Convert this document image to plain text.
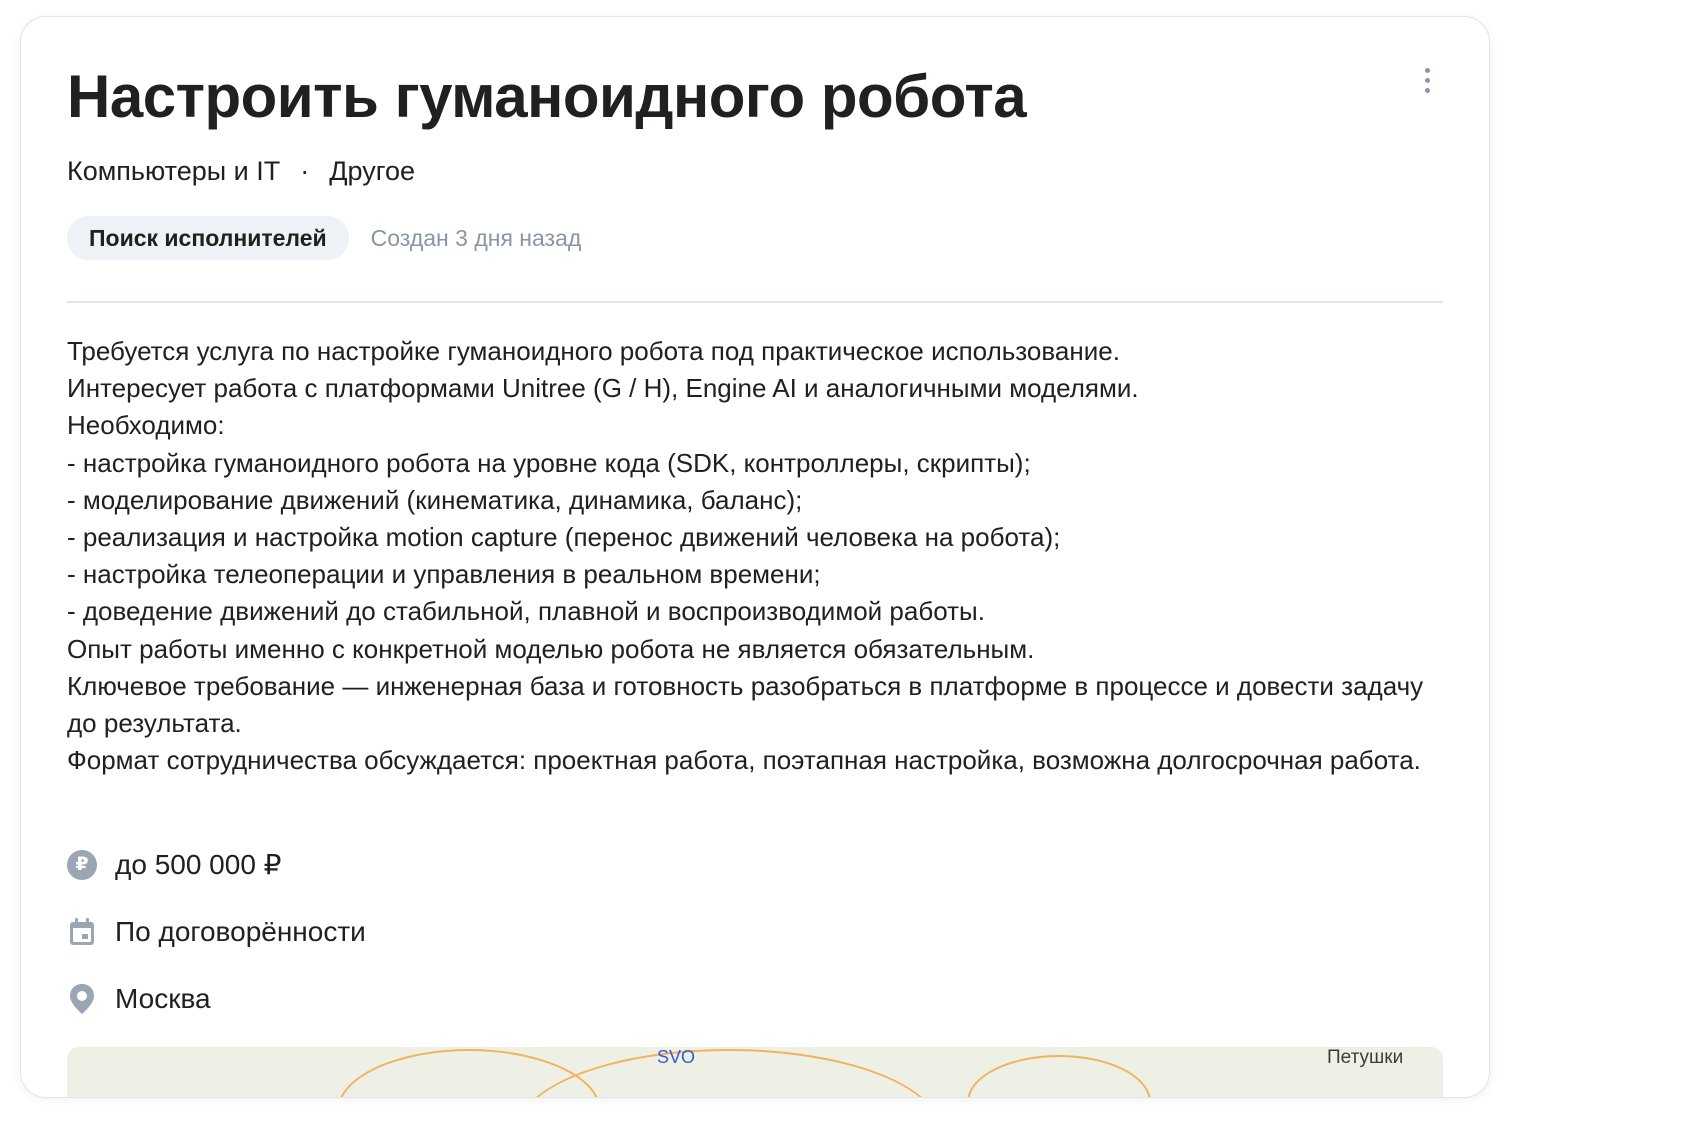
Настроить гуманоидного робота
Компьютеры и IT · Другое
Поиск исполнителей	Создан 3 дня назад
Требуется услуга по настройке гуманоидного робота под практическое использование.
Интересует работа с платформами Unitree (G / H), Engine AI и аналогичными моделями.
Необходимо:
- настройка гуманоидного робота на уровне кода (SDK, контроллеры, скрипты);
- моделирование движений (кинематика, динамика, баланс);
- реализация и настройка motion capture (перенос движений человека на робота);
- настройка телеоперации и управления в реальном времени;
- доведение движений до стабильной, плавной и воспроизводимой работы.
Опыт работы именно с конкретной моделью робота не является обязательным.
Ключевое требование — инженерная база и готовность разобраться в платформе в процессе и довести задачу до результата.
Формат сотрудничества обсуждается: проектная работа, поэтапная настройка, возможна долгосрочная работа.
₽ до 500 000 ₽
По договорённости
Москва
SVO	Петушки
